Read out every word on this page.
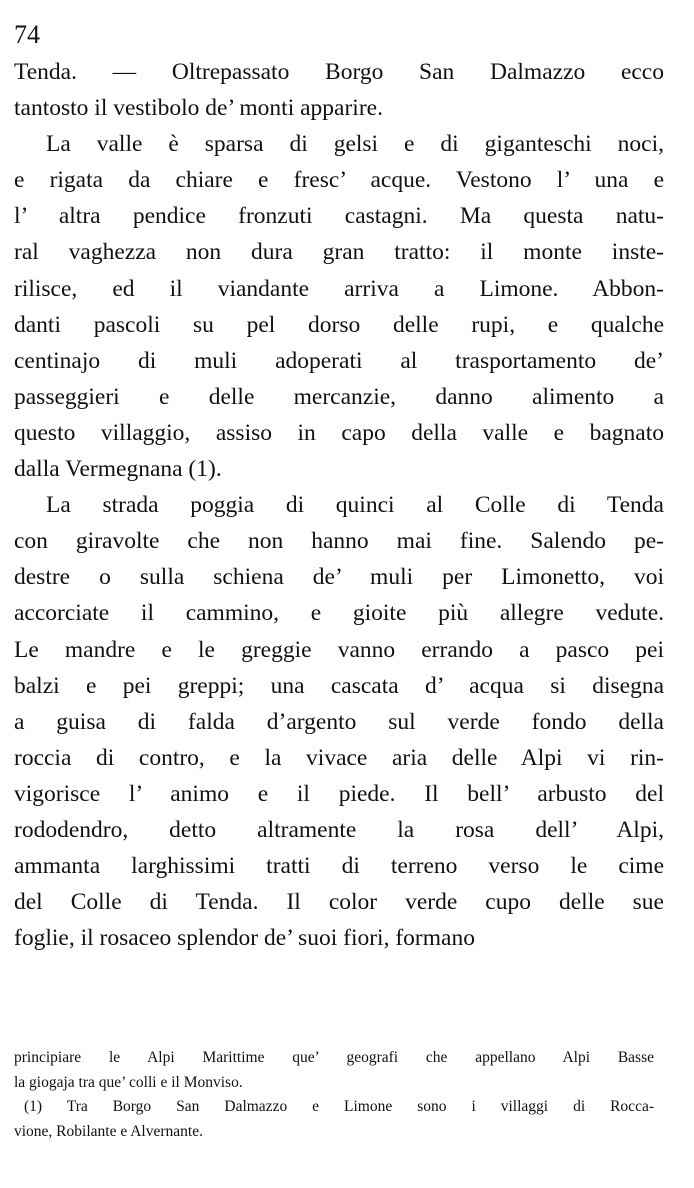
74
Tenda. — Oltrepassato Borgo San Dalmazzo ecco
tantosto il vestibolo de’ monti apparire.
La valle è sparsa di gelsi e di giganteschi noci,
e rigata da chiare e fresc’ acque. Vestono l’ una e
l’ altra pendice fronzuti castagni. Ma questa natu-
ral vaghezza non dura gran tratto: il monte inste-
rilisce, ed il viandante arriva a Limone. Abbon-
danti pascoli su pel dorso delle rupi, e qualche
centinajo di muli adoperati al trasportamento de’
passeggieri e delle mercanzie, danno alimento a
questo villaggio, assiso in capo della valle e bagnato
dalla Vermegnana (1).
La strada poggia di quinci al Colle di Tenda
con giravolte che non hanno mai fine. Salendo pe-
destre o sulla schiena de’ muli per Limonetto, voi
accorciate il cammino, e gioite più allegre vedute.
Le mandre e le greggie vanno errando a pasco pei
balzi e pei greppi; una cascata d’ acqua si disegna
a guisa di falda d’argento sul verde fondo della
roccia di contro, e la vivace aria delle Alpi vi rin-
vigorisce l’ animo e il piede. Il bell’ arbusto del
rododendro, detto altramente la rosa dell’ Alpi,
ammanta larghissimi tratti di terreno verso le cime
del Colle di Tenda. Il color verde cupo delle sue
foglie, il rosaceo splendor de’ suoi fiori, formano
principiare le Alpi Marittime que’ geografi che appellano Alpi Basse
la giogaja tra que’ colli e il Monviso.
(1) Tra Borgo San Dalmazzo e Limone sono i villaggi di Rocca-
vione, Robilante e Alvernante.
